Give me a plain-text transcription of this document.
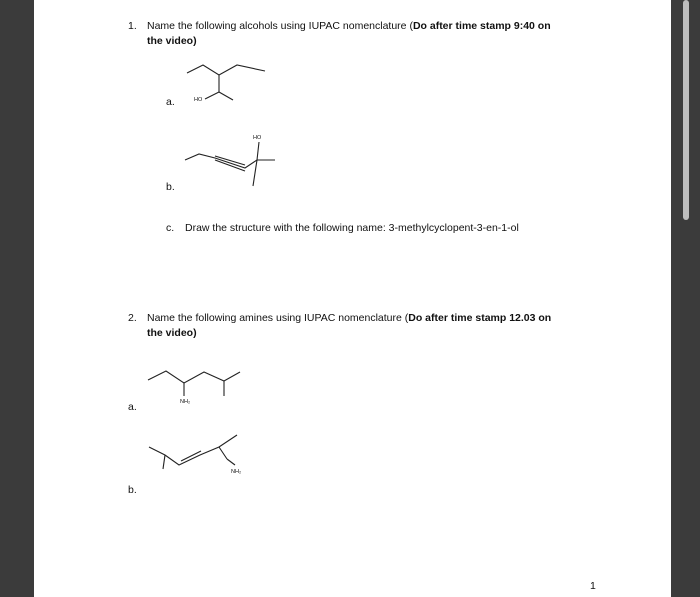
1. Name the following alcohols using IUPAC nomenclature (Do after time stamp 9:40 on
the video)
a.	HO
b.
HO
c. Draw the structure with the following name: 3-methylcyclopent-3-en-1-ol
2. Name the following amines using IUPAC nomenclature (Do after time stamp 12.03 on
the video)
a.	NH₂
b.
NH₂
1
